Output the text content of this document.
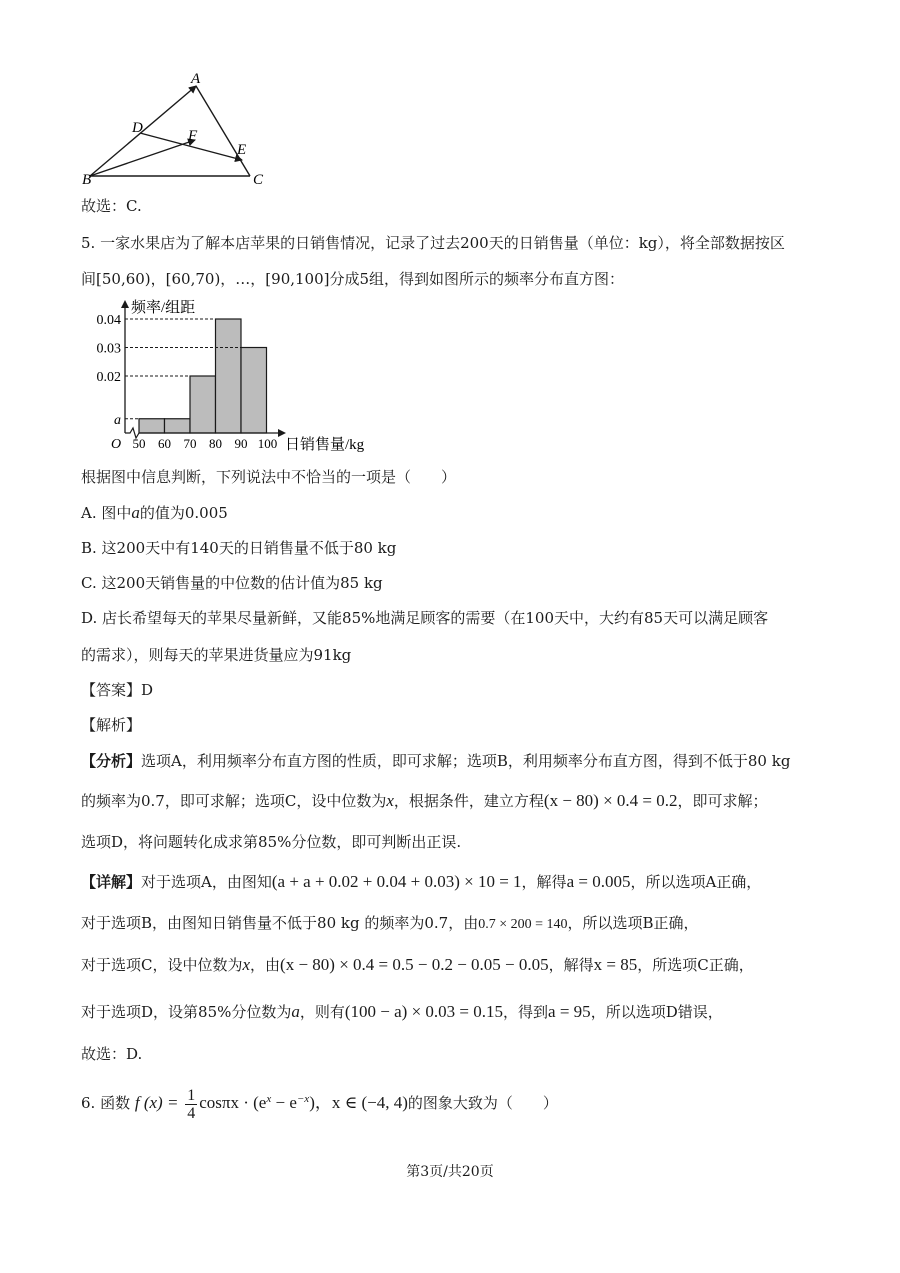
A
B	C
D
E
F
故选：C.
5. 一家水果店为了解本店苹果的日销售情况，记录了过去200天的日销售量（单位：kg），将全部数据按区
间[50,60)，[60,70)，…，[90,100]分成5组，得到如图所示的频率分布直方图：
a
0.02
0.03
0.04
50 60 70 80 90 100
O
频率/组距
日销售量/kg
根据图中信息判断，下列说法中不恰当的一项是（　　）
A. 图中a的值为0.005
B. 这200天中有140天的日销售量不低于80 kg
C. 这200天销售量的中位数的估计值为85 kg
D. 店长希望每天的苹果尽量新鲜，又能85%地满足顾客的需要（在100天中，大约有85天可以满足顾客
的需求），则每天的苹果进货量应为91kg
【答案】D
【解析】
【分析】选项A，利用频率分布直方图的性质，即可求解；选项B，利用频率分布直方图，得到不低于80 kg
的频率为0.7，即可求解；选项C，设中位数为x，根据条件，建立方程(x − 80) × 0.4 = 0.2，即可求解；
选项D，将问题转化成求第85%分位数，即可判断出正误.
【详解】对于选项A，由图知(a + a + 0.02 + 0.04 + 0.03) × 10 = 1，解得a = 0.005，所以选项A正确，
对于选项B，由图知日销售量不低于80 kg 的频率为0.7，由0.7 × 200 = 140，所以选项B正确，
对于选项C，设中位数为x，由(x − 80) × 0.4 = 0.5 − 0.2 − 0.05 − 0.05，解得x = 85，所选项C正确，
对于选项D，设第85%分位数为a，则有(100 − a) × 0.03 = 0.15，得到a = 95，所以选项D错误，
故选：D.
6. 函数 f $(x) = \frac{1}{4}$ $\cos\pi x \cdot (e^x - e^{-x})$，x ∈ (−4, 4)的图象大致为（　　）
第3页/共20页
